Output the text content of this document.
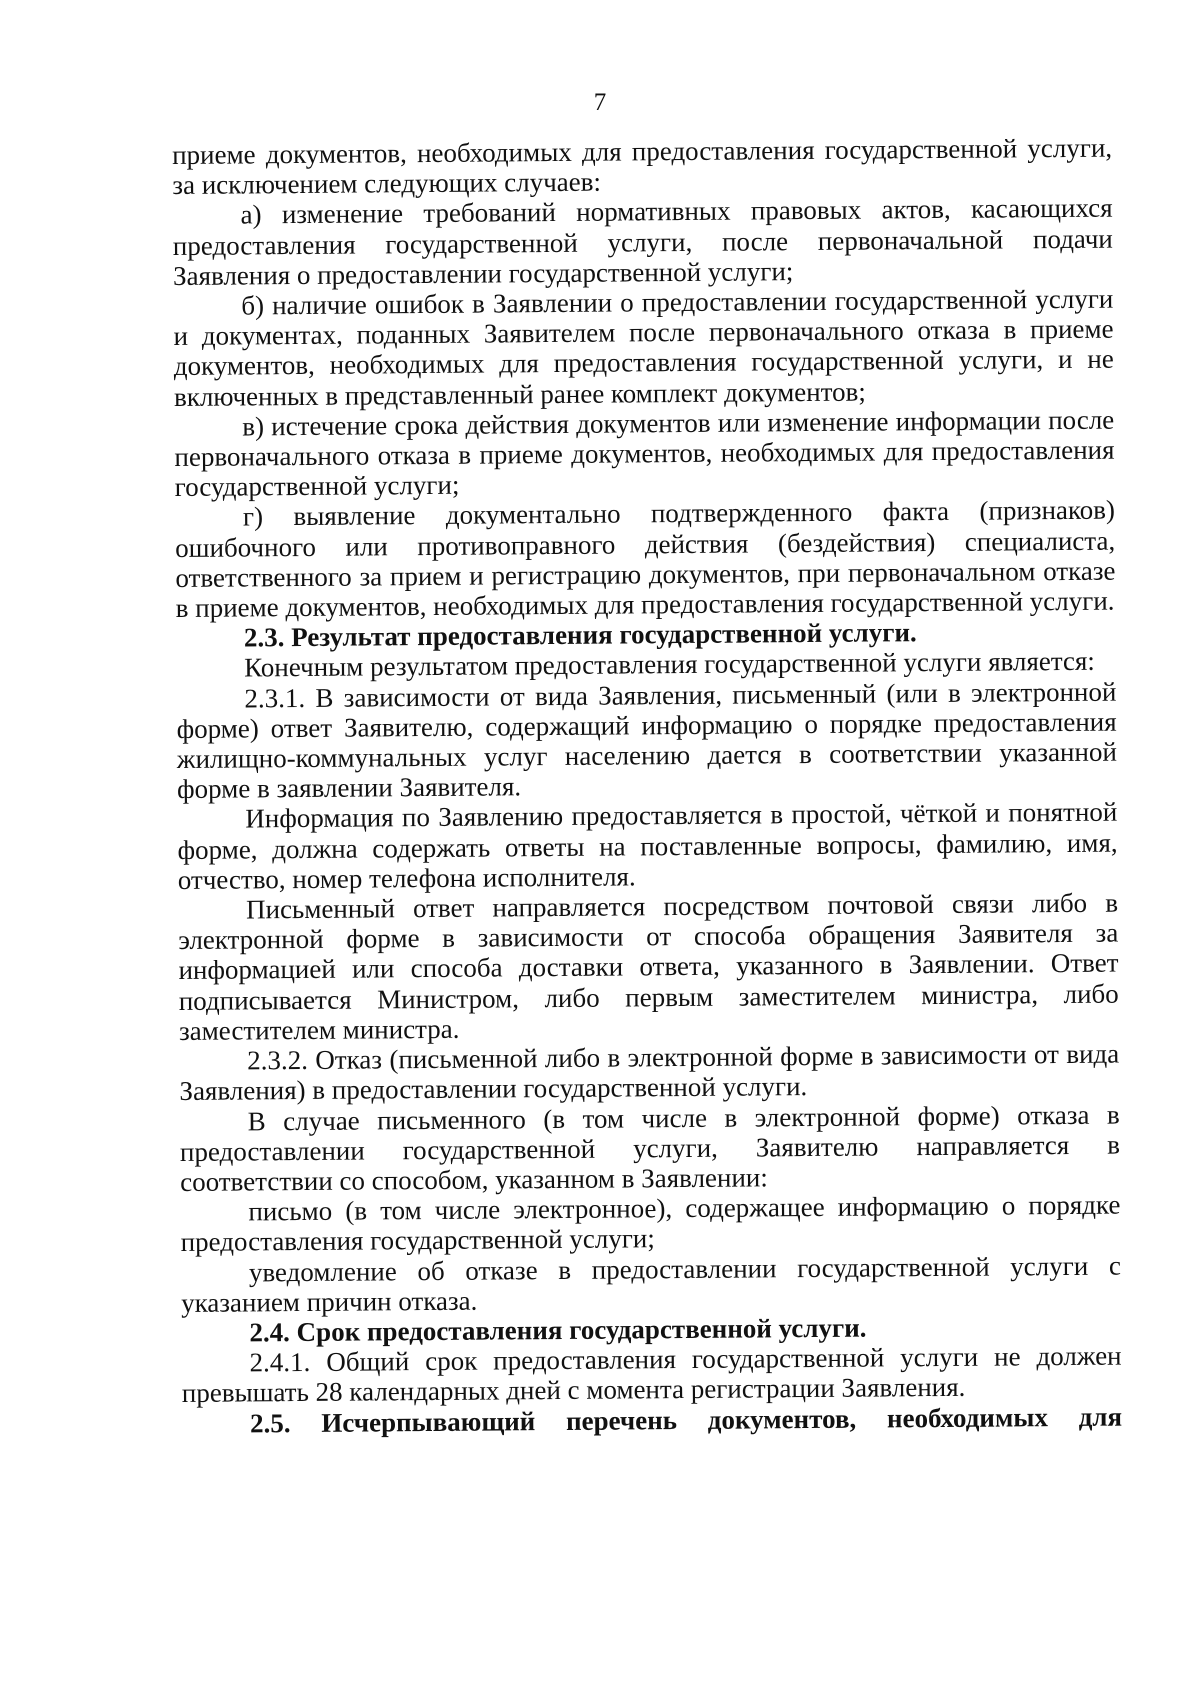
7

приеме документов, необходимых для предоставления государственной услуги, за исключением следующих случаев:

а) изменение требований нормативных правовых актов, касающихся предоставления государственной услуги, после первоначальной подачи Заявления о предоставлении государственной услуги;

б) наличие ошибок в Заявлении о предоставлении государственной услуги и документах, поданных Заявителем после первоначального отказа в приеме документов, необходимых для предоставления государственной услуги, и не включенных в представленный ранее комплект документов;

в) истечение срока действия документов или изменение информации после первоначального отказа в приеме документов, необходимых для предоставления государственной услуги;

г) выявление документально подтвержденного факта (признаков) ошибочного или противоправного действия (бездействия) специалиста, ответственного за прием и регистрацию документов, при первоначальном отказе в приеме документов, необходимых для предоставления государственной услуги.

2.3. Результат предоставления государственной услуги.

Конечным результатом предоставления государственной услуги является:

2.3.1. В зависимости от вида Заявления, письменный (или в электронной форме) ответ Заявителю, содержащий информацию о порядке предоставления жилищно-коммунальных услуг населению дается в соответствии указанной форме в заявлении Заявителя.

Информация по Заявлению предоставляется в простой, чёткой и понятной форме, должна содержать ответы на поставленные вопросы, фамилию, имя, отчество, номер телефона исполнителя.

Письменный ответ направляется посредством почтовой связи либо в электронной форме в зависимости от способа обращения Заявителя за информацией или способа доставки ответа, указанного в Заявлении. Ответ подписывается Министром, либо первым заместителем министра, либо заместителем министра.

2.3.2. Отказ (письменной либо в электронной форме в зависимости от вида Заявления) в предоставлении государственной услуги.

В случае письменного (в том числе в электронной форме) отказа в предоставлении государственной услуги, Заявителю направляется в соответствии со способом, указанном в Заявлении:

письмо (в том числе электронное), содержащее информацию о порядке предоставления государственной услуги;

уведомление об отказе в предоставлении государственной услуги с указанием причин отказа.

2.4. Срок предоставления государственной услуги.

2.4.1. Общий срок предоставления государственной услуги не должен превышать 28 календарных дней с момента регистрации Заявления.

2.5. Исчерпывающий перечень документов, необходимых для
